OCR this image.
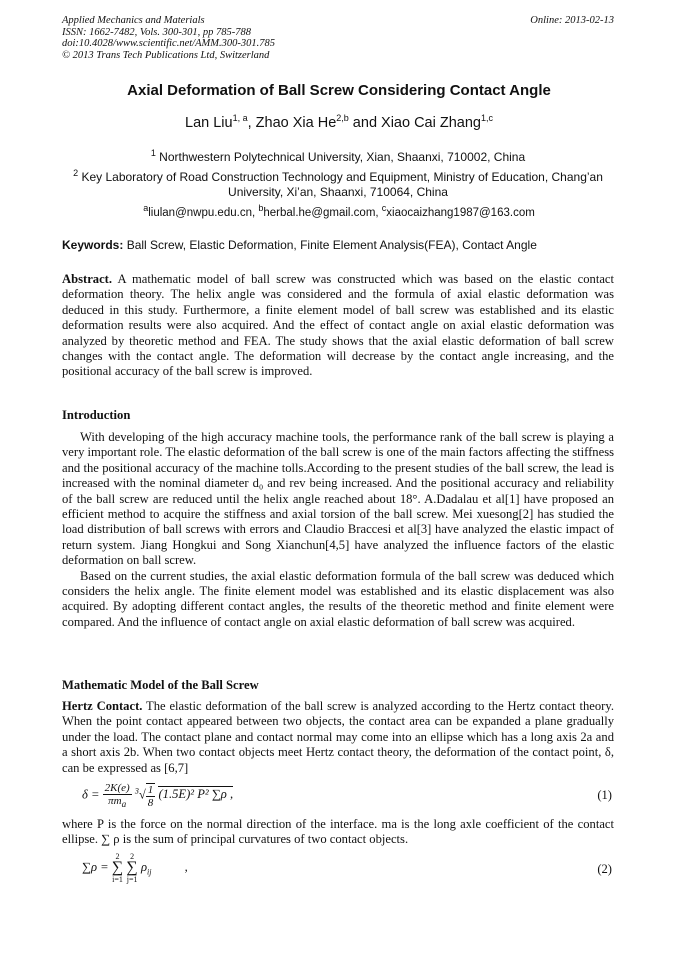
Applied Mechanics and Materials
ISSN: 1662-7482, Vols. 300-301, pp 785-788
doi:10.4028/www.scientific.net/AMM.300-301.785
© 2013 Trans Tech Publications Ltd, Switzerland
Online: 2013-02-13
Axial Deformation of Ball Screw Considering Contact Angle
Lan Liu$^{1, a}$, Zhao Xia He$^{2,b}$ and Xiao Cai Zhang$^{1,c}$
$^1$ Northwestern Polytechnical University, Xian, Shaanxi, 710002, China
$^2$ Key Laboratory of Road Construction Technology and Equipment, Ministry of Education, Chang’an University, Xi’an, Shaanxi, 710064, China
$^a$liulan@nwpu.edu.cn, $^b$herbal.he@gmail.com, $^c$xiaocaizhang1987@163.com
Keywords: Ball Screw, Elastic Deformation, Finite Element Analysis(FEA), Contact Angle

Abstract. A mathematic model of ball screw was constructed which was based on the elastic contact deformation theory. The helix angle was considered and the formula of axial elastic deformation was deduced in this study. Furthermore, a finite element model of ball screw was established and its elastic deformation results were also acquired. And the effect of contact angle on axial elastic deformation was analyzed by theoretic method and FEA. The study shows that the axial elastic deformation of ball screw changes with the contact angle. The deformation will decrease by the contact angle increasing, and the positional accuracy of the ball screw is improved.

Introduction

With developing of the high accuracy machine tools, the performance rank of the ball screw is playing a very important role. The elastic deformation of the ball screw is one of the main factors affecting the stiffness and the positional accuracy of the machine tolls.According to the present studies of the ball screw, the lead is increased with the nominal diameter d₀ and rev being increased. And the positional accuracy and reliability of the ball screw are reduced until the helix angle reached about 18°. A.Dadalau et al[1] have proposed an efficient method to acquire the stiffness and axial torsion of the ball screw. Mei xuesong[2] has studied the load distribution of ball screws with errors and Claudio Braccesi et al[3] have analyzed the elastic impact of return system. Jiang Hongkui and Song Xianchun[4,5] have analyzed the influence factors of the elastic deformation on ball screw.

Based on the current studies, the axial elastic deformation formula of the ball screw was deduced which considers the helix angle. The finite element model was established and its elastic displacement was also acquired. By adopting different contact angles, the results of the theoretic method and finite element were compared. And the influence of contact angle on axial elastic deformation of ball screw was acquired.

Mathematic Model of the Ball Screw

Hertz Contact. The elastic deformation of the ball screw is analyzed according to the Hertz contact theory. When the point contact appeared between two objects, the contact area can be expanded a plane gradually under the load. The contact plane and contact normal may come into an ellipse which has a long axis 2a and a short axis 2b. When two contact objects meet Hertz contact theory, the deformation of the contact point, δ, can be expressed as [6,7]

$\delta = \frac{2K(e)}{\pi m_a} ^3√ \frac{1}{8} (1.5E)^2$ P² ∑ρ ,	(1)

where P is the force on the normal direction of the interface. ma is the long axle coefficient of the contact ellipse. ∑ ρ is the sum of principal curvatures of two contact objects.

∑ρ =
2
∑
i=1

2
∑
j=1
$\rho_{ij}$	,	(2)
